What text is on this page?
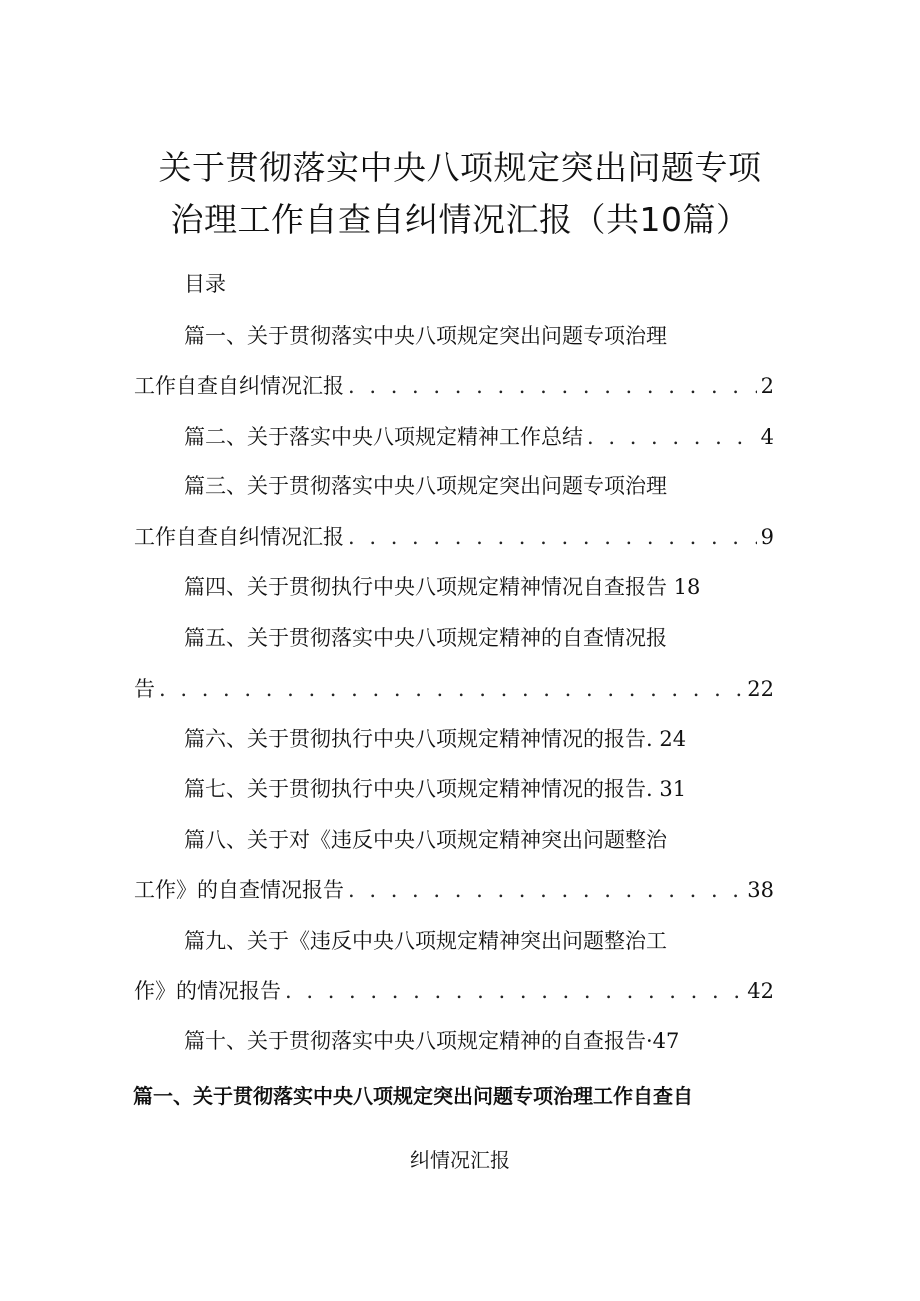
关于贯彻落实中央八项规定突出问题专项
治理工作自查自纠情况汇报（共10篇）
目录
篇一、关于贯彻落实中央八项规定突出问题专项治理
工作自查自纠情况汇报 . . .	2
篇二、关于落实中央八项规定精神工作总结 . . .	4
篇三、关于贯彻落实中央八项规定突出问题专项治理
工作自查自纠情况汇报 . . .	9
篇四、关于贯彻执行中央八项规定精神情况自查报告 18
篇五、关于贯彻落实中央八项规定精神的自查情况报
告 . . .	22
篇六、关于贯彻执行中央八项规定精神情况的报告. 24
篇七、关于贯彻执行中央八项规定精神情况的报告. 31
篇八、关于对《违反中央八项规定精神突出问题整治
工作》的自查情况报告 . . .	38
篇九、关于《违反中央八项规定精神突出问题整治工
作》的情况报告 . . .	42
篇十、关于贯彻落实中央八项规定精神的自查报告·47
篇一、关于贯彻落实中央八项规定突出问题专项治理工作自查自
纠情况汇报
